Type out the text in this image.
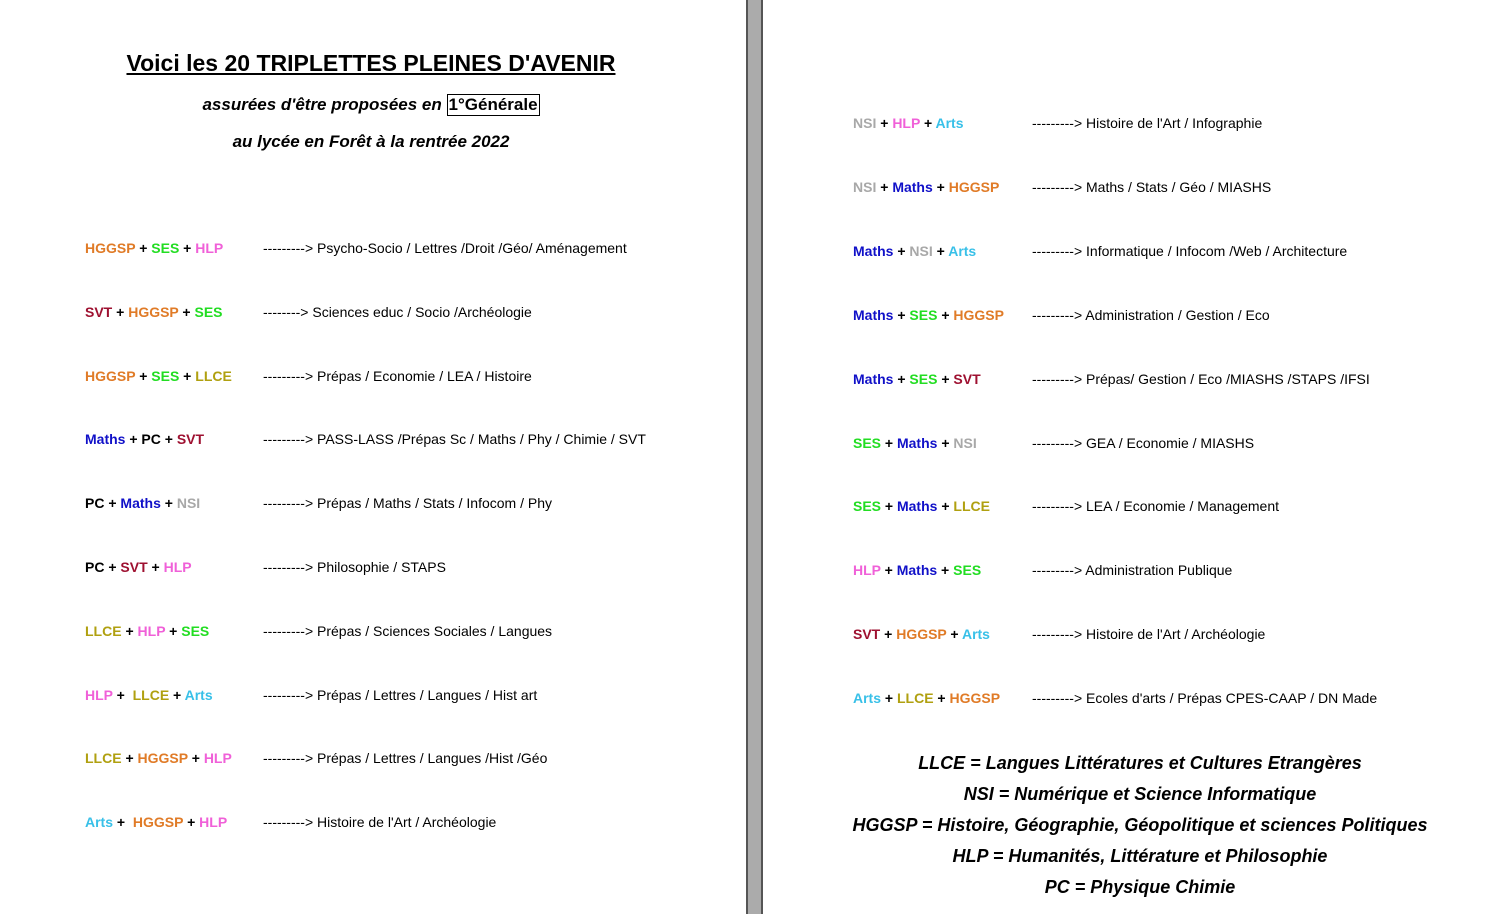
Voici les 20 TRIPLETTES PLEINES D'AVENIR
assurées d'être proposées en 1°Générale
au lycée en Forêt à la rentrée 2022
HGGSP + SES + HLP	---------> Psycho-Socio / Lettres /Droit /Géo/ Aménagement
SVT + HGGSP + SES	--------> Sciences educ / Socio /Archéologie
HGGSP + SES + LLCE ---------> Prépas / Economie / LEA / Histoire
Maths + PC + SVT	---------> PASS-LASS /Prépas Sc / Maths / Phy / Chimie / SVT
PC + Maths + NSI	---------> Prépas / Maths / Stats / Infocom / Phy
PC + SVT + HLP	---------> Philosophie / STAPS
LLCE + HLP + SES	---------> Prépas / Sciences Sociales / Langues
HLP +  LLCE + Arts	---------> Prépas / Lettres / Langues / Hist art
LLCE + HGGSP + HLP ---------> Prépas / Lettres / Langues /Hist /Géo
Arts +  HGGSP + HLP	---------> Histoire de l'Art / Archéologie
NSI + HLP + Arts	---------> Histoire de l'Art / Infographie
NSI + Maths + HGGSP ---------> Maths / Stats / Géo / MIASHS
Maths + NSI + Arts	---------> Informatique / Infocom /Web / Architecture
Maths + SES + HGGSP ---------> Administration / Gestion / Eco
Maths + SES + SVT	---------> Prépas/ Gestion / Eco /MIASHS /STAPS /IFSI
SES + Maths + NSI	---------> GEA / Economie / MIASHS
SES + Maths + LLCE	---------> LEA / Economie / Management
HLP + Maths + SES	---------> Administration Publique
SVT + HGGSP + Arts	---------> Histoire de l'Art / Archéologie
Arts + LLCE + HGGSP ---------> Ecoles d'arts / Prépas CPES-CAAP / DN Made
LLCE = Langues Littératures et Cultures Etrangères
NSI = Numérique et Science Informatique
HGGSP = Histoire, Géographie, Géopolitique et sciences Politiques
HLP = Humanités, Littérature et Philosophie
PC = Physique Chimie
